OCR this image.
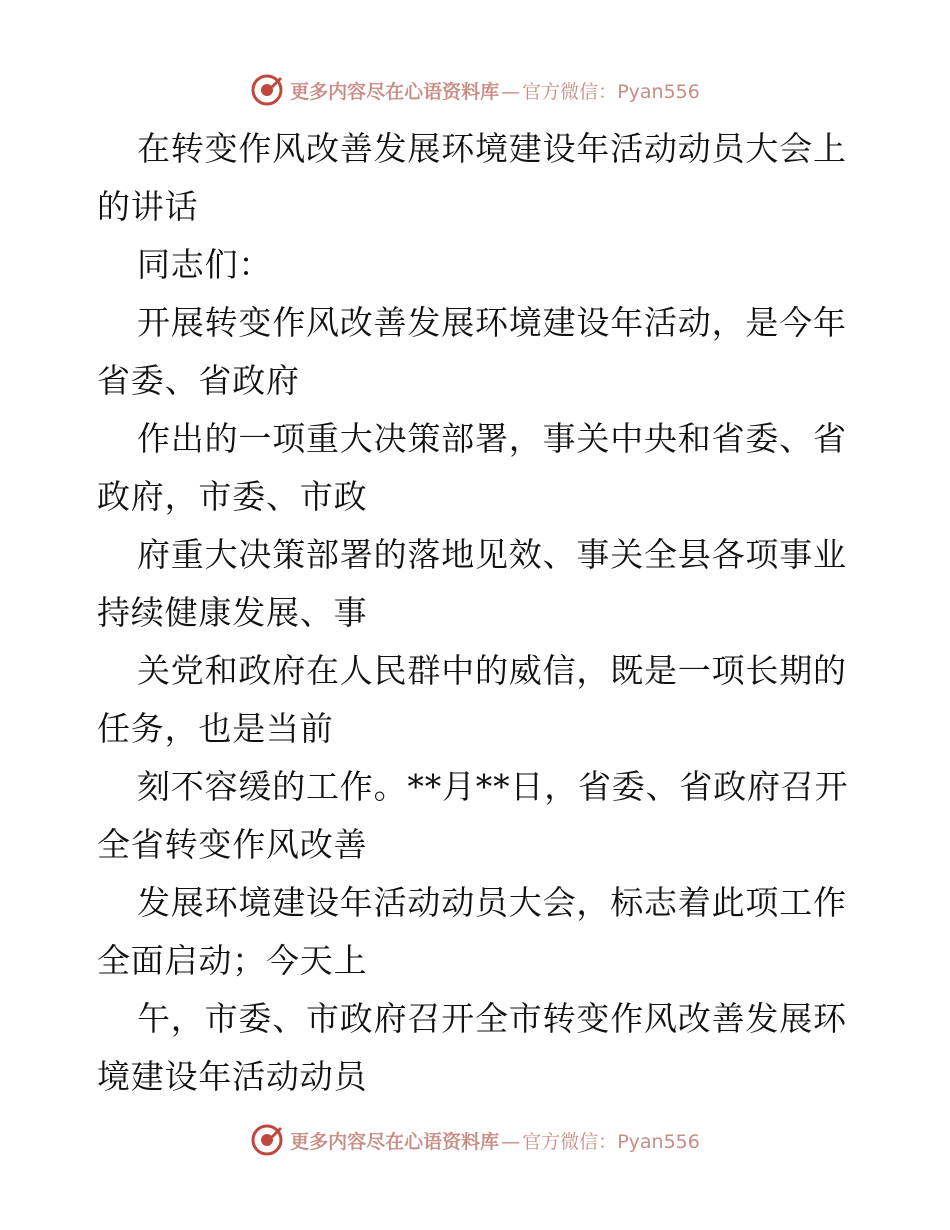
更多内容尽在心语资料库 — 官方微信：Pyan556
在转变作风改善发展环境建设年活动动员大会上
的讲话
同志们：
开展转变作风改善发展环境建设年活动，是今年
省委、省政府
作出的一项重大决策部署，事关中央和省委、省
政府，市委、市政
府重大决策部署的落地见效、事关全县各项事业
持续健康发展、事
关党和政府在人民群中的威信，既是一项长期的
任务，也是当前
刻不容缓的工作。**月**日，省委、省政府召开
全省转变作风改善
发展环境建设年活动动员大会，标志着此项工作
全面启动；今天上
午，市委、市政府召开全市转变作风改善发展环
境建设年活动动员
更多内容尽在心语资料库 — 官方微信：Pyan556
